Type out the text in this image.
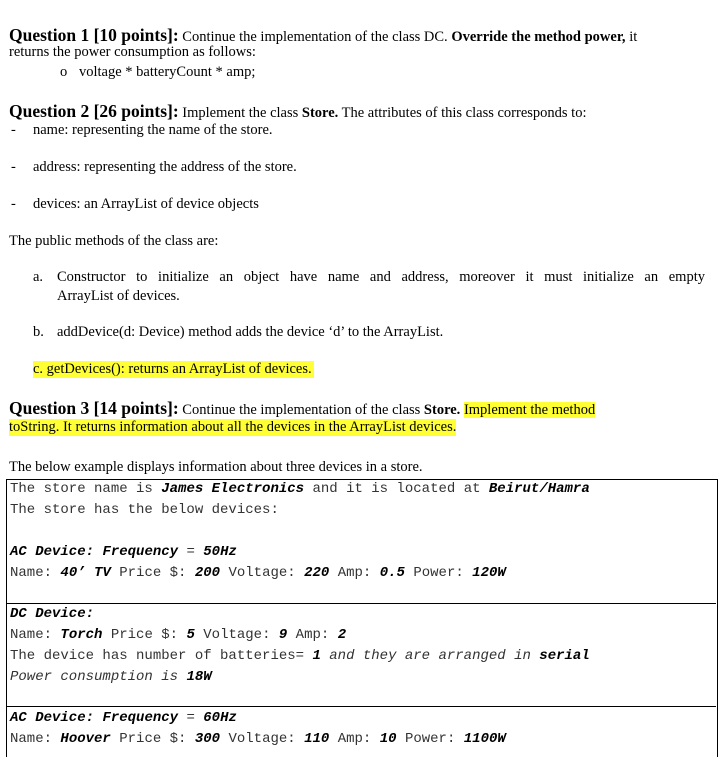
Question 1 [10 points]: Continue the implementation of the class DC. Override the method power, it
returns the power consumption as follows:
o voltage * batteryCount * amp;
Question 2 [26 points]: Implement the class Store. The attributes of this class corresponds to:
- name: representing the name of the store.
- address: representing the address of the store.
- devices: an ArrayList of device objects
The public methods of the class are:
a. Constructor to initialize an object have name and address, moreover it must initialize an empty
ArrayList of devices.
b. addDevice(d: Device) method adds the device ‘d’ to the ArrayList.
c. getDevices(): returns an ArrayList of devices.
Question 3 [14 points]: Continue the implementation of the class Store. Implement the method
toString. It returns information about all the devices in the ArrayList devices.
The below example displays information about three devices in a store.
The store name is James Electronics and it is located at Beirut/Hamra
The store has the below devices:
AC Device: Frequency = 50Hz
Name: 40’ TV Price $: 200 Voltage: 220 Amp: 0.5 Power: 120W
DC Device:
Name: Torch Price $: 5 Voltage: 9 Amp: 2
The device has number of batteries= 1 and they are arranged in serial
Power consumption is 18W
AC Device: Frequency = 60Hz
Name: Hoover Price $: 300 Voltage: 110 Amp: 10 Power: 1100W
